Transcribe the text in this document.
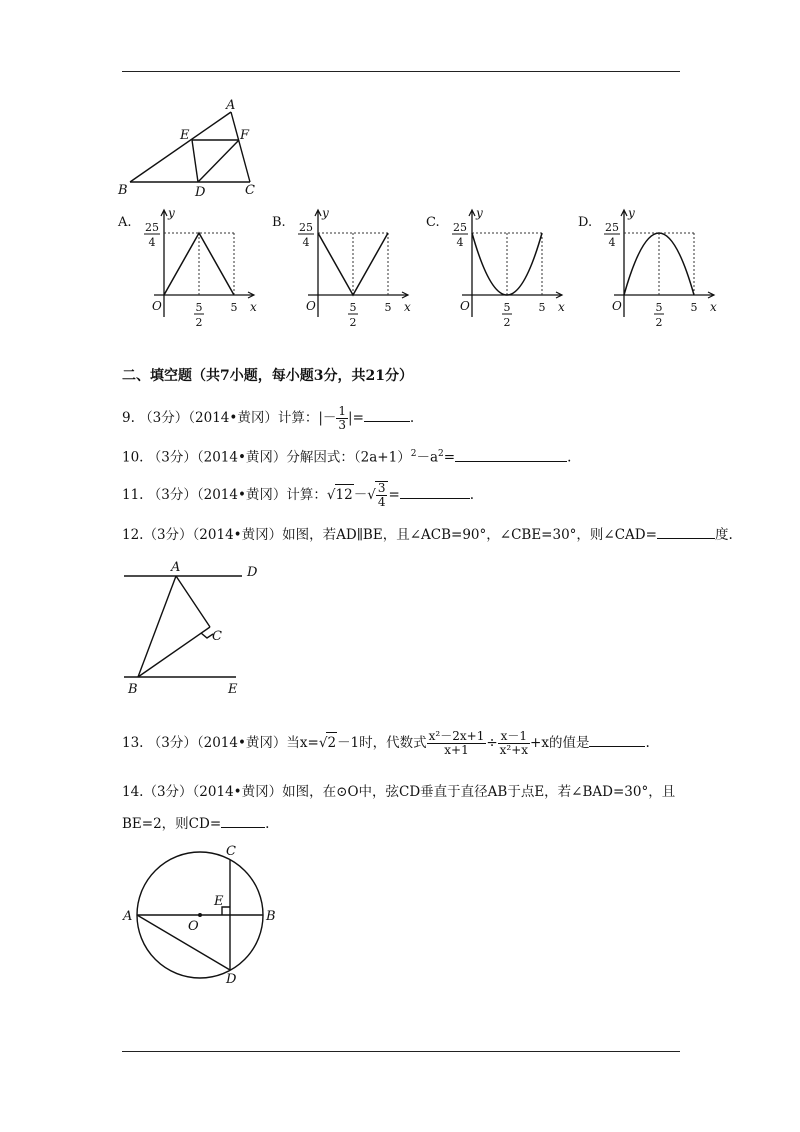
A
E	F
B	D	C
A.
y
x
O
25
4
5
2
5
B.
y
x
O
25
4
5
2
5
C.
y
x
O
25
4
5
2
5
D.
y
x
O
25
4
5
2
5
二、填空题（共7小题，每小题3分，共21分）
9. （3分）（2014•黄冈）计算：|－ $\frac{1}{3}$ |=	.
10. （3分）（2014•黄冈）分解因式：$(2a+1)^2-a^2=$	.
11. （3分）（2014•黄冈）计算：$√12-√ \frac{3}{4}$ =	.
12.（3分）（2014•黄冈）如图，若AD∥BE，且∠ACB=90°，∠CBE=30°，则∠CAD=	度.
A	D
C
B	E
13. （3分）（2014•黄冈）当x=√2－1时，代数式 $\frac{\text{x²－2x+1}}{x+1} \div \frac{x-1}{\text{x²+x}} +x$的值是	.
14.（3分）（2014•黄冈）如图，在⊙O中，弦CD垂直于直径AB于点E，若∠BAD=30°，且
BE=2，则CD=	.
C
E
A
O
B
D
